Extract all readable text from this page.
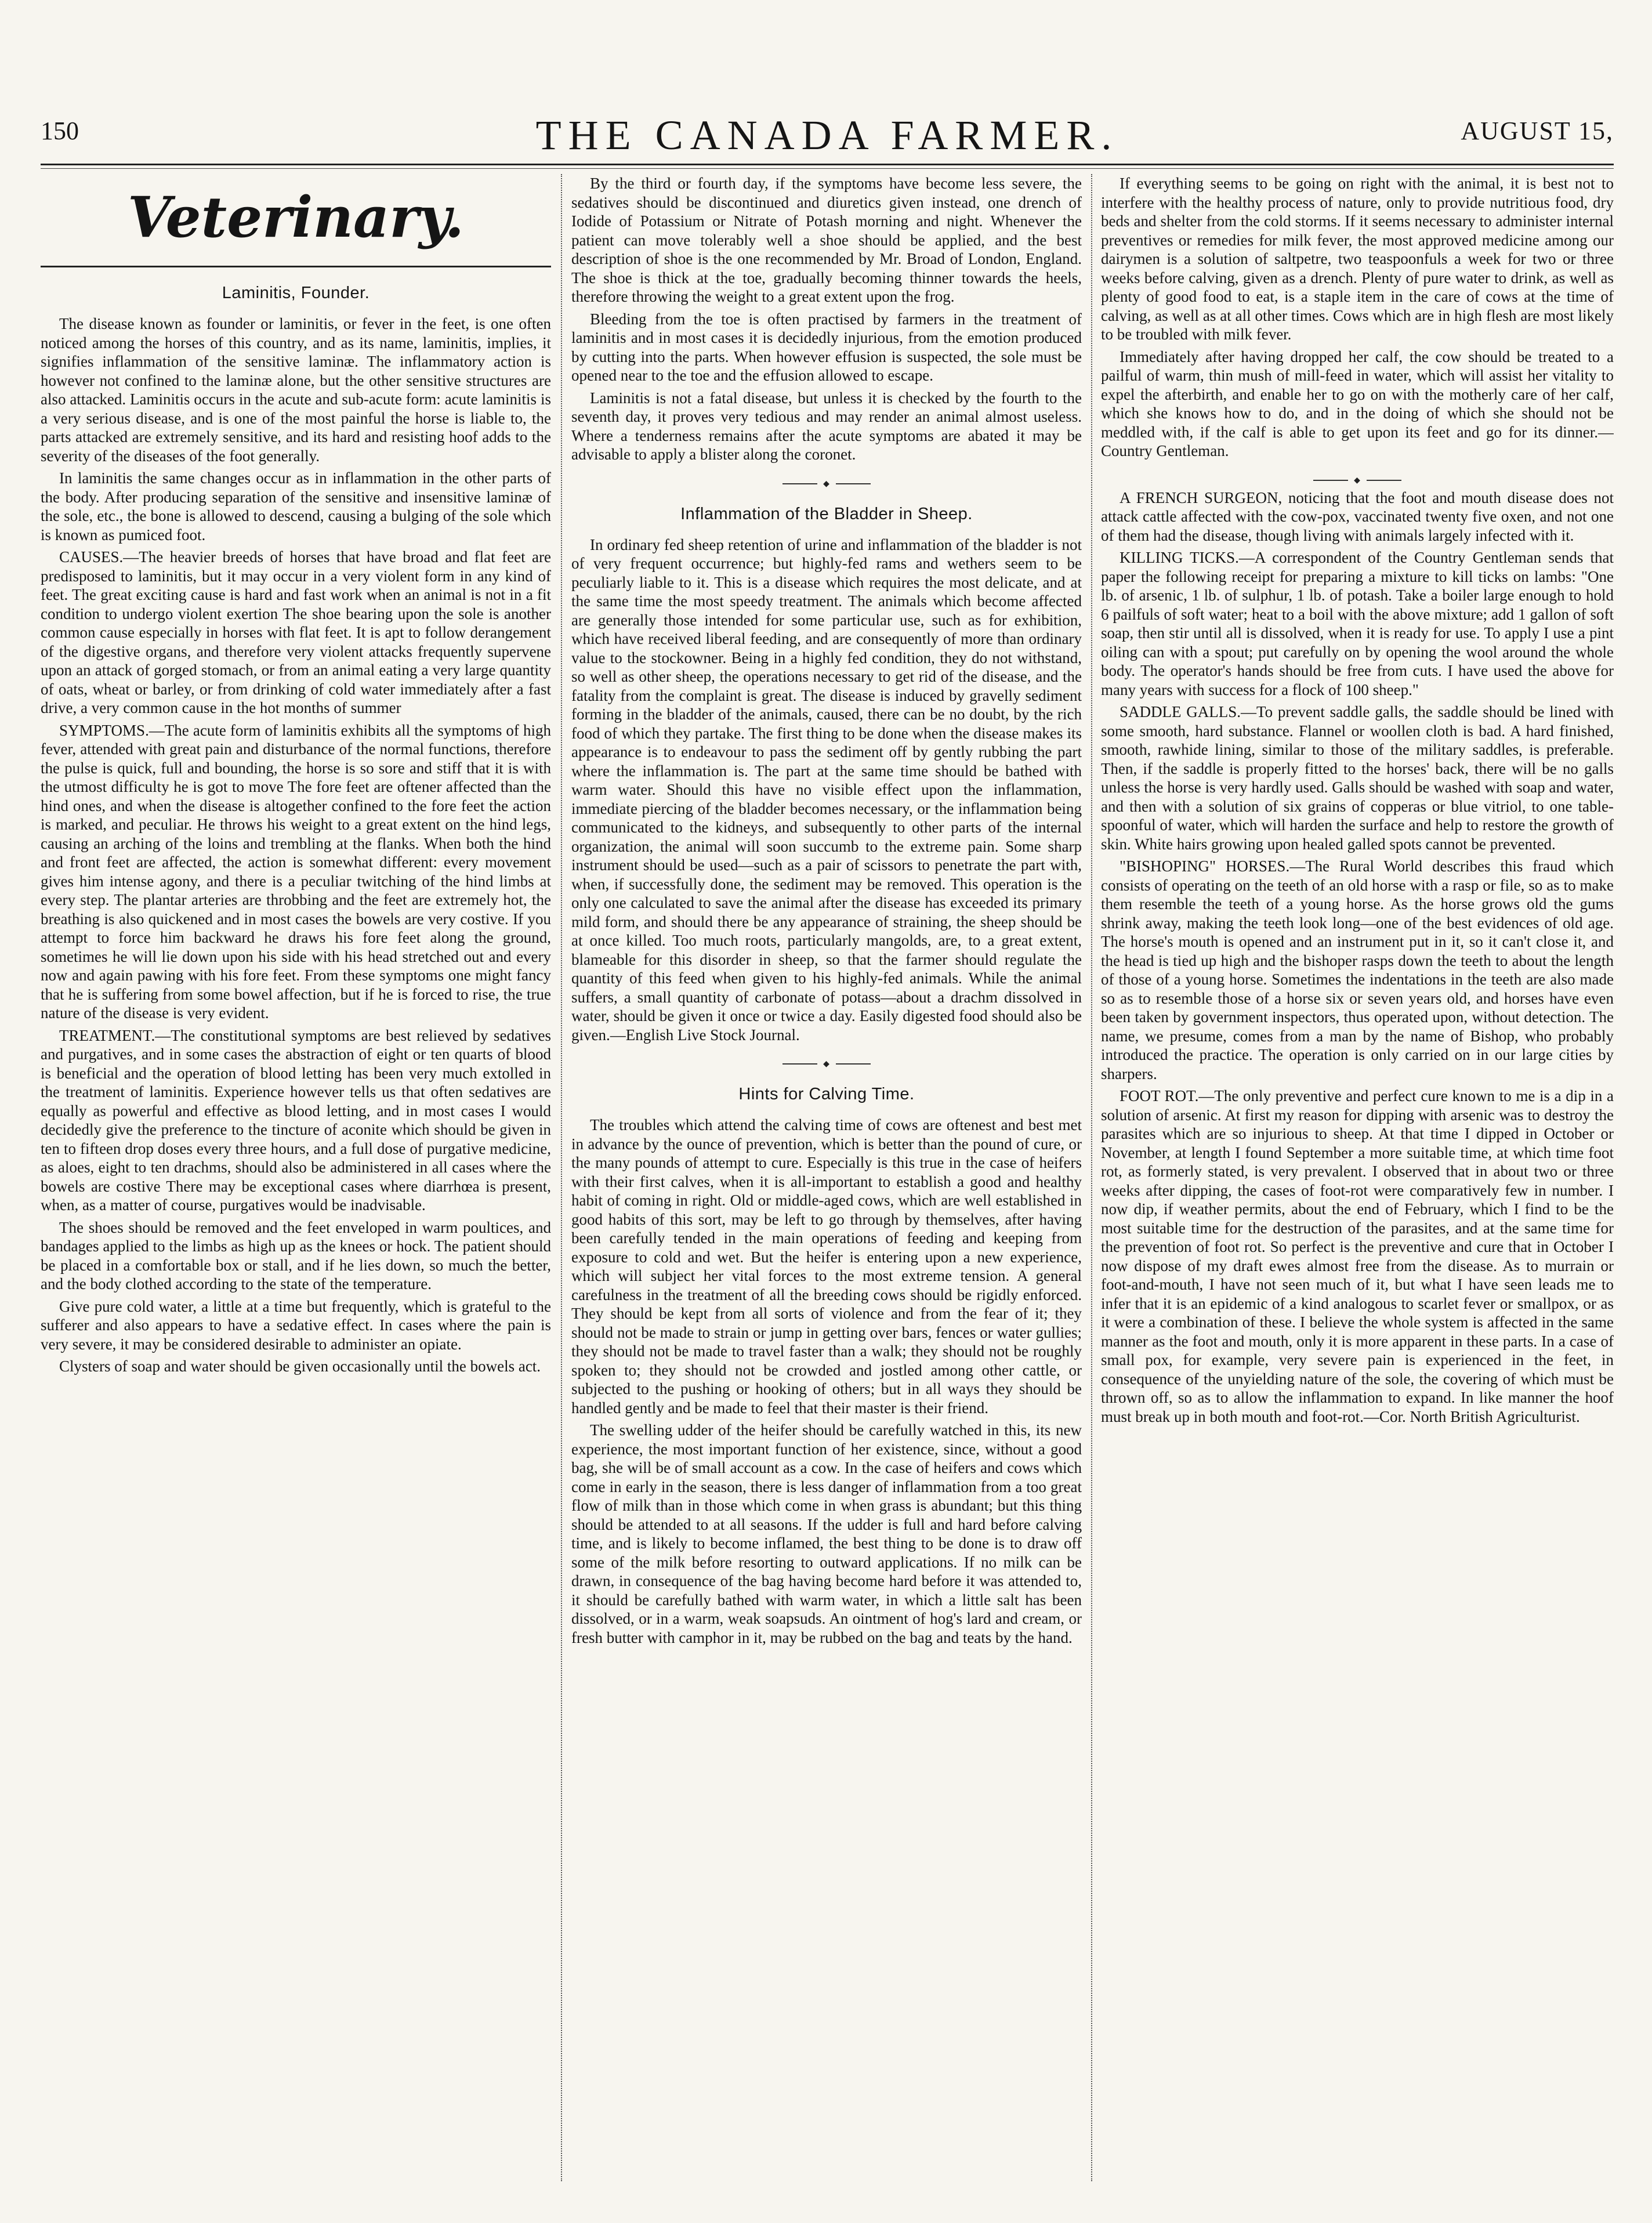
150	THE CANADA FARMER.	AUGUST 15,
Veterinary.
Laminitis, Founder.

The disease known as founder or laminitis, or fever in the feet, is one often noticed among the horses of this country, and as its name, laminitis, implies, it signifies inflammation of the sensitive laminæ. The inflammatory action is however not confined to the laminæ alone, but the other sensitive structures are also attacked. Laminitis occurs in the acute and sub-acute form: acute laminitis is a very serious disease, and is one of the most painful the horse is liable to, the parts attacked are extremely sensitive, and its hard and resisting hoof adds to the severity of the diseases of the foot generally.

In laminitis the same changes occur as in inflammation in the other parts of the body. After producing separation of the sensitive and insensitive laminæ of the sole, etc., the bone is allowed to descend, causing a bulging of the sole which is known as pumiced foot.

CAUSES.—The heavier breeds of horses that have broad and flat feet are predisposed to laminitis, but it may occur in a very violent form in any kind of feet. The great exciting cause is hard and fast work when an animal is not in a fit condition to undergo violent exertion The shoe bearing upon the sole is another common cause especially in horses with flat feet. It is apt to follow derangement of the digestive organs, and therefore very violent attacks frequently supervene upon an attack of gorged stomach, or from an animal eating a very large quantity of oats, wheat or barley, or from drinking of cold water immediately after a fast drive, a very common cause in the hot months of summer

SYMPTOMS.—The acute form of laminitis exhibits all the symptoms of high fever, attended with great pain and disturbance of the normal functions, therefore the pulse is quick, full and bounding, the horse is so sore and stiff that it is with the utmost difficulty he is got to move The fore feet are oftener affected than the hind ones, and when the disease is altogether confined to the fore feet the action is marked, and peculiar. He throws his weight to a great extent on the hind legs, causing an arching of the loins and trembling at the flanks. When both the hind and front feet are affected, the action is somewhat different: every movement gives him intense agony, and there is a peculiar twitching of the hind limbs at every step. The plantar arteries are throbbing and the feet are extremely hot, the breathing is also quickened and in most cases the bowels are very costive. If you attempt to force him backward he draws his fore feet along the ground, sometimes he will lie down upon his side with his head stretched out and every now and again pawing with his fore feet. From these symptoms one might fancy that he is suffering from some bowel affection, but if he is forced to rise, the true nature of the disease is very evident.

TREATMENT.—The constitutional symptoms are best relieved by sedatives and purgatives, and in some cases the abstraction of eight or ten quarts of blood is beneficial and the operation of blood letting has been very much extolled in the treatment of laminitis. Experience however tells us that often sedatives are equally as powerful and effective as blood letting, and in most cases I would decidedly give the preference to the tincture of aconite which should be given in ten to fifteen drop doses every three hours, and a full dose of purgative medicine, as aloes, eight to ten drachms, should also be administered in all cases where the bowels are costive There may be exceptional cases where diarrhœa is present, when, as a matter of course, purgatives would be inadvisable.

The shoes should be removed and the feet enveloped in warm poultices, and bandages applied to the limbs as high up as the knees or hock. The patient should be placed in a comfortable box or stall, and if he lies down, so much the better, and the body clothed according to the state of the temperature.

Give pure cold water, a little at a time but frequently, which is grateful to the sufferer and also appears to have a sedative effect. In cases where the pain is very severe, it may be considered desirable to administer an opiate.

Clysters of soap and water should be given occasionally until the bowels act.

By the third or fourth day, if the symptoms have become less severe, the sedatives should be discontinued and diuretics given instead, one drench of Iodide of Potassium or Nitrate of Potash morning and night. Whenever the patient can move tolerably well a shoe should be applied, and the best description of shoe is the one recommended by Mr. Broad of London, England. The shoe is thick at the toe, gradually becoming thinner towards the heels, therefore throwing the weight to a great extent upon the frog.

Bleeding from the toe is often practised by farmers in the treatment of laminitis and in most cases it is decidedly injurious, from the emotion produced by cutting into the parts. When however effusion is suspected, the sole must be opened near to the toe and the effusion allowed to escape.

Laminitis is not a fatal disease, but unless it is checked by the fourth to the seventh day, it proves very tedious and may render an animal almost useless. Where a tenderness remains after the acute symptoms are abated it may be advisable to apply a blister along the coronet.

◆
Inflammation of the Bladder in Sheep.

In ordinary fed sheep retention of urine and inflammation of the bladder is not of very frequent occurrence; but highly-fed rams and wethers seem to be peculiarly liable to it. This is a disease which requires the most delicate, and at the same time the most speedy treatment. The animals which become affected are generally those intended for some particular use, such as for exhibition, which have received liberal feeding, and are consequently of more than ordinary value to the stockowner. Being in a highly fed condition, they do not withstand, so well as other sheep, the operations necessary to get rid of the disease, and the fatality from the complaint is great. The disease is induced by gravelly sediment forming in the bladder of the animals, caused, there can be no doubt, by the rich food of which they partake. The first thing to be done when the disease makes its appearance is to endeavour to pass the sediment off by gently rubbing the part where the inflammation is. The part at the same time should be bathed with warm water. Should this have no visible effect upon the inflammation, immediate piercing of the bladder becomes necessary, or the inflammation being communicated to the kidneys, and subsequently to other parts of the internal organization, the animal will soon succumb to the extreme pain. Some sharp instrument should be used—such as a pair of scissors to penetrate the part with, when, if successfully done, the sediment may be removed. This operation is the only one calculated to save the animal after the disease has exceeded its primary mild form, and should there be any appearance of straining, the sheep should be at once killed. Too much roots, particularly mangolds, are, to a great extent, blameable for this disorder in sheep, so that the farmer should regulate the quantity of this feed when given to his highly-fed animals. While the animal suffers, a small quantity of carbonate of potass—about a drachm dissolved in water, should be given it once or twice a day. Easily digested food should also be given.—English Live Stock Journal.

◆
Hints for Calving Time.

The troubles which attend the calving time of cows are oftenest and best met in advance by the ounce of prevention, which is better than the pound of cure, or the many pounds of attempt to cure. Especially is this true in the case of heifers with their first calves, when it is all-important to establish a good and healthy habit of coming in right. Old or middle-aged cows, which are well established in good habits of this sort, may be left to go through by themselves, after having been carefully tended in the main operations of feeding and keeping from exposure to cold and wet. But the heifer is entering upon a new experience, which will subject her vital forces to the most extreme tension. A general carefulness in the treatment of all the breeding cows should be rigidly enforced. They should be kept from all sorts of violence and from the fear of it; they should not be made to strain or jump in getting over bars, fences or water gullies; they should not be made to travel faster than a walk; they should not be roughly spoken to; they should not be crowded and jostled among other cattle, or subjected to the pushing or hooking of others; but in all ways they should be handled gently and be made to feel that their master is their friend.

The swelling udder of the heifer should be carefully watched in this, its new experience, the most important function of her existence, since, without a good bag, she will be of small account as a cow. In the case of heifers and cows which come in early in the season, there is less danger of inflammation from a too great flow of milk than in those which come in when grass is abundant; but this thing should be attended to at all seasons. If the udder is full and hard before calving time, and is likely to become inflamed, the best thing to be done is to draw off some of the milk before resorting to outward applications. If no milk can be drawn, in consequence of the bag having become hard before it was attended to, it should be carefully bathed with warm water, in which a little salt has been dissolved, or in a warm, weak soapsuds. An ointment of hog's lard and cream, or fresh butter with camphor in it, may be rubbed on the bag and teats by the hand.

If everything seems to be going on right with the animal, it is best not to interfere with the healthy process of nature, only to provide nutritious food, dry beds and shelter from the cold storms. If it seems necessary to administer internal preventives or remedies for milk fever, the most approved medicine among our dairymen is a solution of saltpetre, two teaspoonfuls a week for two or three weeks before calving, given as a drench. Plenty of pure water to drink, as well as plenty of good food to eat, is a staple item in the care of cows at the time of calving, as well as at all other times. Cows which are in high flesh are most likely to be troubled with milk fever.

Immediately after having dropped her calf, the cow should be treated to a pailful of warm, thin mush of mill-feed in water, which will assist her vitality to expel the afterbirth, and enable her to go on with the motherly care of her calf, which she knows how to do, and in the doing of which she should not be meddled with, if the calf is able to get upon its feet and go for its dinner.—Country Gentleman.

◆

A FRENCH SURGEON, noticing that the foot and mouth disease does not attack cattle affected with the cow-pox, vaccinated twenty five oxen, and not one of them had the disease, though living with animals largely infected with it.

KILLING TICKS.—A correspondent of the Country Gentleman sends that paper the following receipt for preparing a mixture to kill ticks on lambs: "One lb. of arsenic, 1 lb. of sulphur, 1 lb. of potash. Take a boiler large enough to hold 6 pailfuls of soft water; heat to a boil with the above mixture; add 1 gallon of soft soap, then stir until all is dissolved, when it is ready for use. To apply I use a pint oiling can with a spout; put carefully on by opening the wool around the whole body. The operator's hands should be free from cuts. I have used the above for many years with success for a flock of 100 sheep."

SADDLE GALLS.—To prevent saddle galls, the saddle should be lined with some smooth, hard substance. Flannel or woollen cloth is bad. A hard finished, smooth, rawhide lining, similar to those of the military saddles, is preferable. Then, if the saddle is properly fitted to the horses' back, there will be no galls unless the horse is very hardly used. Galls should be washed with soap and water, and then with a solution of six grains of copperas or blue vitriol, to one table-spoonful of water, which will harden the surface and help to restore the growth of skin. White hairs growing upon healed galled spots cannot be prevented.

"BISHOPING" HORSES.—The Rural World describes this fraud which consists of operating on the teeth of an old horse with a rasp or file, so as to make them resemble the teeth of a young horse. As the horse grows old the gums shrink away, making the teeth look long—one of the best evidences of old age. The horse's mouth is opened and an instrument put in it, so it can't close it, and the head is tied up high and the bishoper rasps down the teeth to about the length of those of a young horse. Sometimes the indentations in the teeth are also made so as to resemble those of a horse six or seven years old, and horses have even been taken by government inspectors, thus operated upon, without detection. The name, we presume, comes from a man by the name of Bishop, who probably introduced the practice. The operation is only carried on in our large cities by sharpers.

FOOT ROT.—The only preventive and perfect cure known to me is a dip in a solution of arsenic. At first my reason for dipping with arsenic was to destroy the parasites which are so injurious to sheep. At that time I dipped in October or November, at length I found September a more suitable time, at which time foot rot, as formerly stated, is very prevalent. I observed that in about two or three weeks after dipping, the cases of foot-rot were comparatively few in number. I now dip, if weather permits, about the end of February, which I find to be the most suitable time for the destruction of the parasites, and at the same time for the prevention of foot rot. So perfect is the preventive and cure that in October I now dispose of my draft ewes almost free from the disease. As to murrain or foot-and-mouth, I have not seen much of it, but what I have seen leads me to infer that it is an epidemic of a kind analogous to scarlet fever or smallpox, or as it were a combination of these. I believe the whole system is affected in the same manner as the foot and mouth, only it is more apparent in these parts. In a case of small pox, for example, very severe pain is experienced in the feet, in consequence of the unyielding nature of the sole, the covering of which must be thrown off, so as to allow the inflammation to expand. In like manner the hoof must break up in both mouth and foot-rot.—Cor. North British Agriculturist.
